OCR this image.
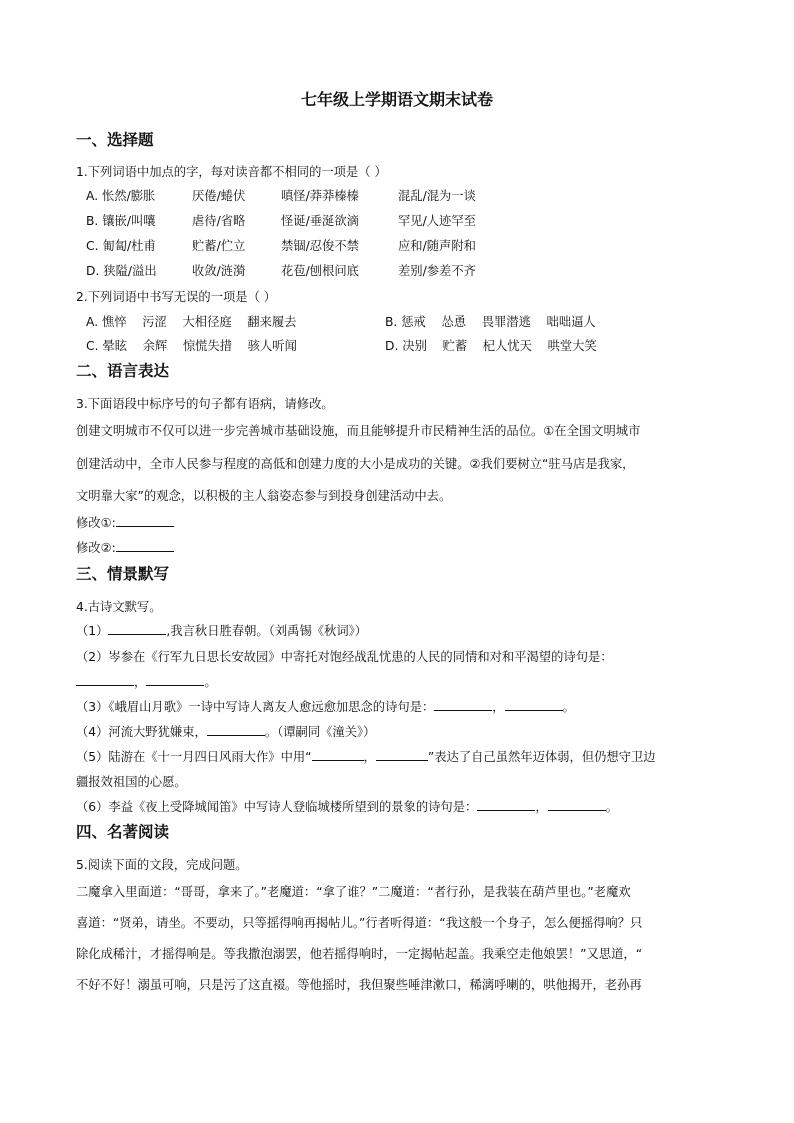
七年级上学期语文期末试卷
一、选择题
1.下列词语中加点的字，每对读音都不相同的一项是（ ）
A. 怅然/膨胀	厌倦/蜷伏	嗔怪/莽莽榛榛	混乱/混为一谈
B. 镶嵌/叫嚷	虐待/省略	怪诞/垂涎欲滴	罕见/人迹罕至
C. 匍匐/杜甫	贮蓄/伫立	禁锢/忍俊不禁	应和/随声附和
D. 狭隘/溢出	收敛/涟漪	花苞/刨根问底	差别/参差不齐
2.下列词语中书写无误的一项是（ ）
A. 憔悴    污涩    大相径庭    翻来履去	B. 惩戒    怂恿    畏罪潜逃    咄咄逼人
C. 晕眩    余辉    惊慌失措    骇人听闻	D. 决别    贮蓄    杞人忧天    哄堂大笑
二、语言表达
3.下面语段中标序号的句子都有语病，请修改。
创建文明城市不仅可以进一步完善城市基础设施，而且能够提升市民精神生活的品位。①在全国文明城市
创建活动中，全市人民参与程度的高低和创建力度的大小是成功的关键。②我们要树立“驻马店是我家，
文明靠大家”的观念，以积极的主人翁姿态参与到投身创建活动中去。
修改①:
修改②:
三、情景默写
4.古诗文默写。
（1）	,我言秋日胜春朝。（刘禹锡《秋词》）
（2）岑参在《行军九日思长安故园》中寄托对饱经战乱忧患的人民的同情和对和平渴望的诗句是：
，	。
（3）《峨眉山月歌》一诗中写诗人离友人愈远愈加思念的诗句是：	，	。
（4）河流大野犹嫌束，	。（谭嗣同《潼关》）
（5）陆游在《十一月四日风雨大作》中用“	，	”表达了自己虽然年迈体弱，但仍想守卫边
疆报效祖国的心愿。
（6）李益《夜上受降城闻笛》中写诗人登临城楼所望到的景象的诗句是：	，	。
四、名著阅读
5.阅读下面的文段，完成问题。
二魔拿入里面道：“哥哥，拿来了。”老魔道：“拿了谁？”二魔道：“者行孙，是我装在葫芦里也。”老魔欢
喜道：“贤弟，请坐。不要动，只等摇得响再揭帖儿。”行者听得道：“我这般一个身子，怎么便摇得响？只
除化成稀汁，才摇得响是。等我撒泡溺罢，他若摇得响时，一定揭帖起盖。我乘空走他娘罢！”又思道，“
不好不好！溺虽可响，只是污了这直裰。等他摇时，我但聚些唾津漱口，稀漓呼喇的，哄他揭开，老孙再
